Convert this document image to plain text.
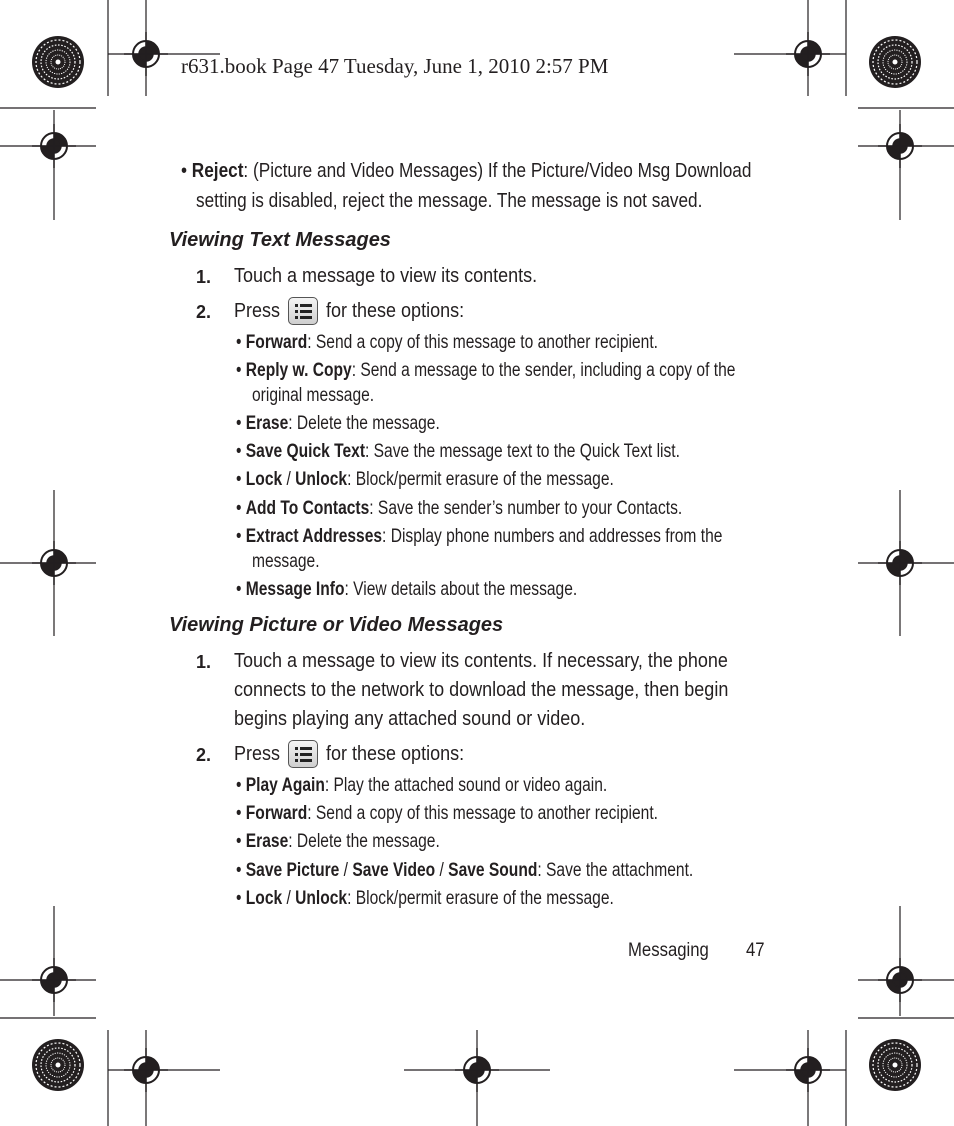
r631.book Page 47 Tuesday, June 1, 2010 2:57 PM
• Reject: (Picture and Video Messages) If the Picture/Video Msg Download
setting is disabled, reject the message. The message is not saved.
Viewing Text Messages
1. Touch a message to view its contents.
2. Press for these options:
• Forward: Send a copy of this message to another recipient.
• Reply w. Copy: Send a message to the sender, including a copy of the
original message.
• Erase: Delete the message.
• Save Quick Text: Save the message text to the Quick Text list.
• Lock / Unlock: Block/permit erasure of the message.
• Add To Contacts: Save the sender’s number to your Contacts.
• Extract Addresses: Display phone numbers and addresses from the
message.
• Message Info: View details about the message.
Viewing Picture or Video Messages
1. Touch a message to view its contents. If necessary, the phone
connects to the network to download the message, then begin
begins playing any attached sound or video.
2. Press for these options:
• Play Again: Play the attached sound or video again.
• Forward: Send a copy of this message to another recipient.
• Erase: Delete the message.
• Save Picture / Save Video / Save Sound: Save the attachment.
• Lock / Unlock: Block/permit erasure of the message.
Messaging 47
